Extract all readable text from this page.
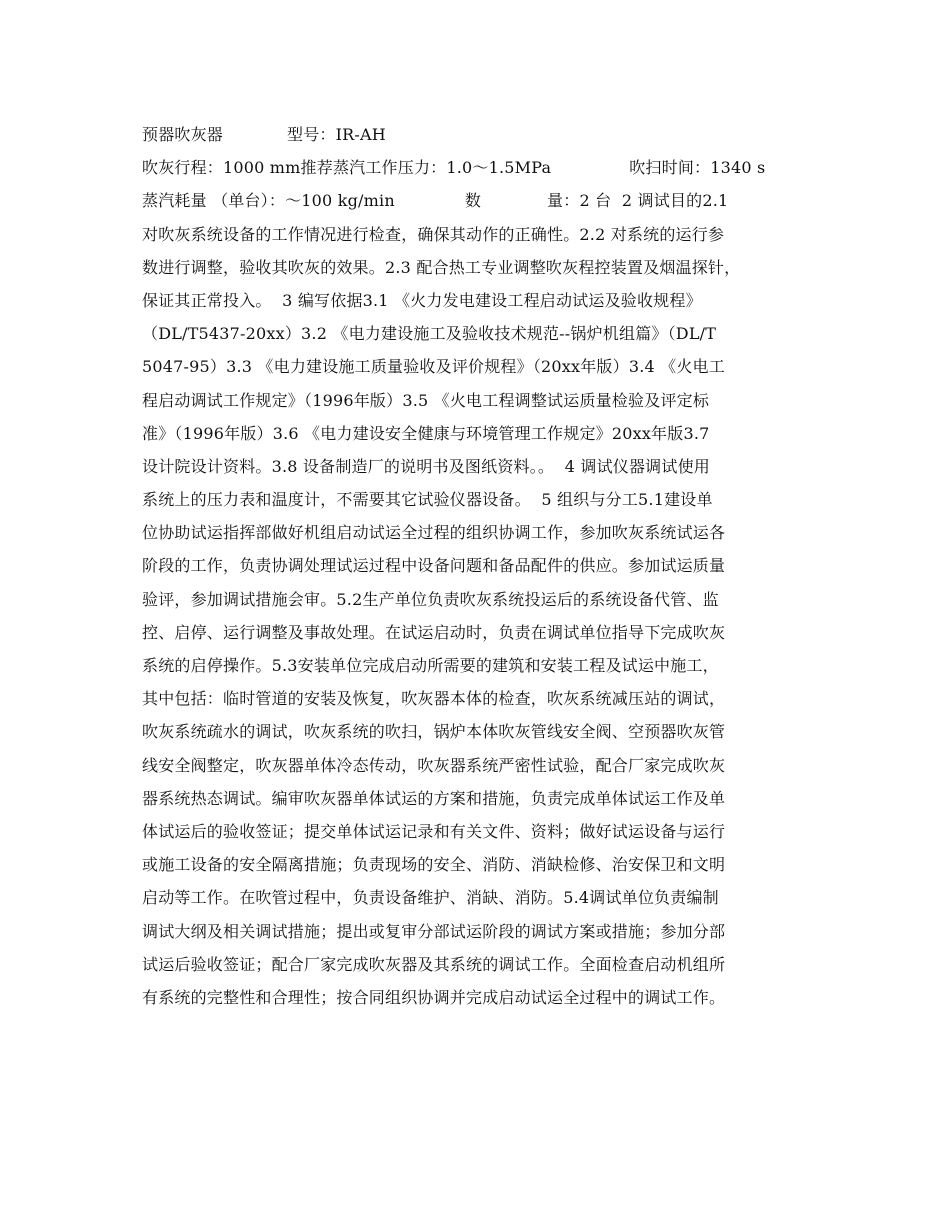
预器吹灰器	型号：IR-AH
吹灰行程：1000 mm推荐蒸汽工作压力：1.0～1.5MPa	吹扫时间：1340 s
蒸汽耗量 （单台）：～100 kg/min	数	量：2 台  2 调试目的2.1
对吹灰系统设备的工作情况进行检查，确保其动作的正确性。2.2 对系统的运行参
数进行调整，验收其吹灰的效果。2.3 配合热工专业调整吹灰程控装置及烟温探针，
保证其正常投入。  3 编写依据3.1 《火力发电建设工程启动试运及验收规程》
（DL/T5437-20xx）3.2 《电力建设施工及验收技术规范--锅炉机组篇》（DL/T
5047-95）3.3 《电力建设施工质量验收及评价规程》（20xx年版）3.4 《火电工
程启动调试工作规定》（1996年版）3.5 《火电工程调整试运质量检验及评定标
准》（1996年版）3.6 《电力建设安全健康与环境管理工作规定》20xx年版3.7
设计院设计资料。3.8 设备制造厂的说明书及图纸资料。。  4 调试仪器调试使用
系统上的压力表和温度计，不需要其它试验仪器设备。  5 组织与分工5.1建设单
位协助试运指挥部做好机组启动试运全过程的组织协调工作，参加吹灰系统试运各
阶段的工作，负责协调处理试运过程中设备问题和备品配件的供应。参加试运质量
验评，参加调试措施会审。5.2生产单位负责吹灰系统投运后的系统设备代管、监
控、启停、运行调整及事故处理。在试运启动时，负责在调试单位指导下完成吹灰
系统的启停操作。5.3安装单位完成启动所需要的建筑和安装工程及试运中施工，
其中包括：临时管道的安装及恢复，吹灰器本体的检查，吹灰系统减压站的调试，
吹灰系统疏水的调试，吹灰系统的吹扫，锅炉本体吹灰管线安全阀、空预器吹灰管
线安全阀整定，吹灰器单体冷态传动，吹灰器系统严密性试验，配合厂家完成吹灰
器系统热态调试。编审吹灰器单体试运的方案和措施，负责完成单体试运工作及单
体试运后的验收签证；提交单体试运记录和有关文件、资料；做好试运设备与运行
或施工设备的安全隔离措施；负责现场的安全、消防、消缺检修、治安保卫和文明
启动等工作。在吹管过程中，负责设备维护、消缺、消防。5.4调试单位负责编制
调试大纲及相关调试措施；提出或复审分部试运阶段的调试方案或措施；参加分部
试运后验收签证；配合厂家完成吹灰器及其系统的调试工作。全面检查启动机组所
有系统的完整性和合理性；按合同组织协调并完成启动试运全过程中的调试工作。
